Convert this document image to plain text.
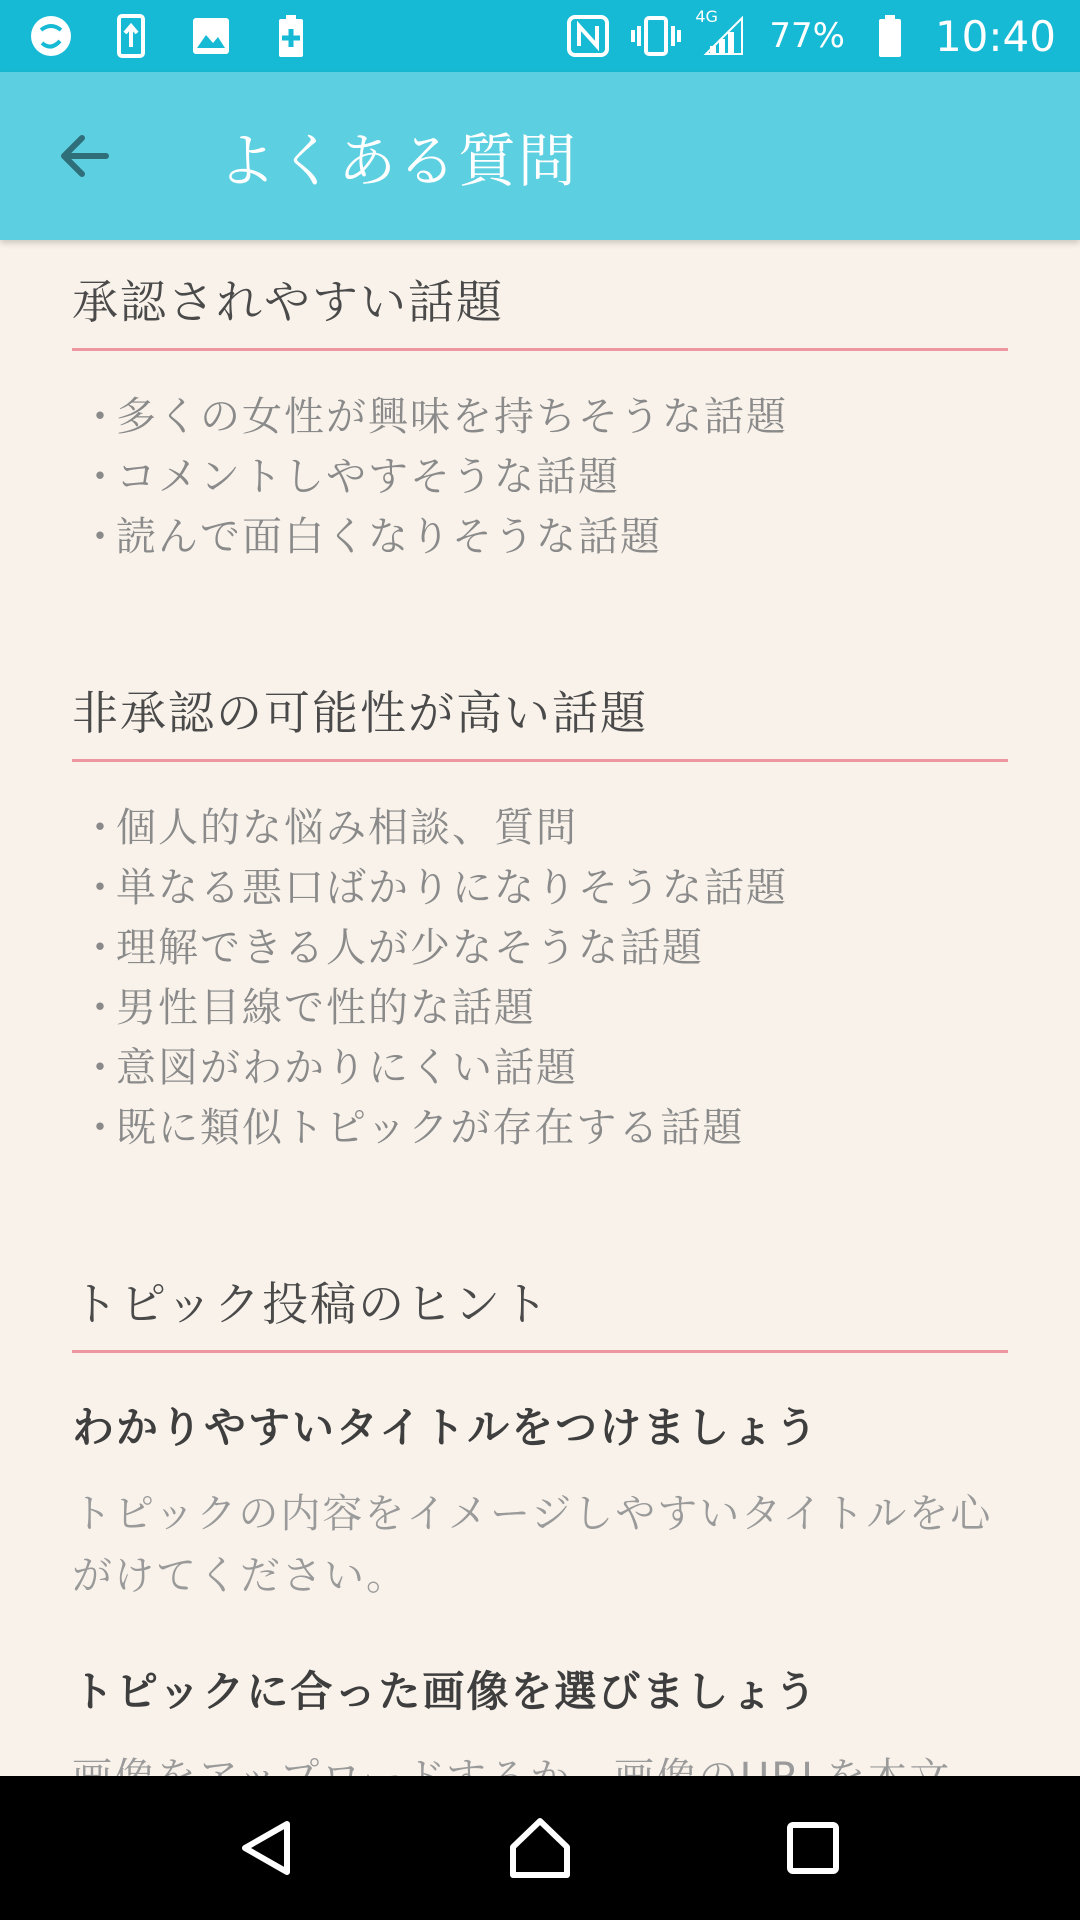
4G 77% 10:40
よくある質問
承認されやすい話題
・多くの女性が興味を持ちそうな話題
・コメントしやすそうな話題
・読んで面白くなりそうな話題
非承認の可能性が高い話題
・個人的な悩み相談、質問
・単なる悪口ばかりになりそうな話題
・理解できる人が少なそうな話題
・男性目線で性的な話題
・意図がわかりにくい話題
・既に類似トピックが存在する話題
トピック投稿のヒント
わかりやすいタイトルをつけましょう

トピックの内容をイメージしやすいタイトルを心がけてください。

トピックに合った画像を選びましょう
